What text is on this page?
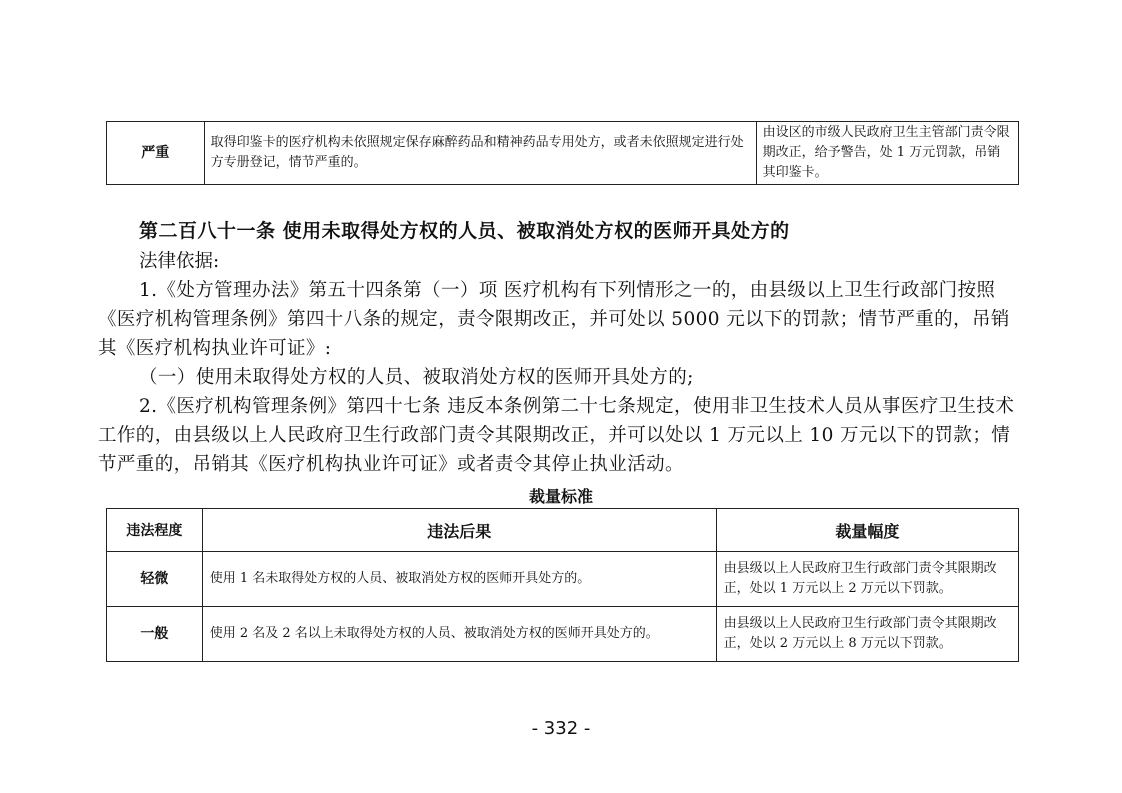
严重	取得印鉴卡的医疗机构未依照规定保存麻醉药品和精神药品专用处方，或者未依照规定进行处方专册登记，情节严重的。	由设区的市级人民政府卫生主管部门责令限期改正，给予警告，处 1 万元罚款，吊销其印鉴卡。
第二百八十一条 使用未取得处方权的人员、被取消处方权的医师开具处方的
法律依据:
1.《处方管理办法》第五十四条第（一）项 医疗机构有下列情形之一的，由县级以上卫生行政部门按照《医疗机构管理条例》第四十八条的规定，责令限期改正，并可处以 5000 元以下的罚款；情节严重的，吊销其《医疗机构执业许可证》:
（一）使用未取得处方权的人员、被取消处方权的医师开具处方的;
2.《医疗机构管理条例》第四十七条 违反本条例第二十七条规定，使用非卫生技术人员从事医疗卫生技术工作的，由县级以上人民政府卫生行政部门责令其限期改正，并可以处以 1 万元以上 10 万元以下的罚款；情节严重的，吊销其《医疗机构执业许可证》或者责令其停止执业活动。
裁量标准
违法程度	违法后果	裁量幅度
轻微	使用 1 名未取得处方权的人员、被取消处方权的医师开具处方的。	由县级以上人民政府卫生行政部门责令其限期改正，处以 1 万元以上 2 万元以下罚款。
一般	使用 2 名及 2 名以上未取得处方权的人员、被取消处方权的医师开具处方的。	由县级以上人民政府卫生行政部门责令其限期改正，处以 2 万元以上 8 万元以下罚款。
- 332 -
